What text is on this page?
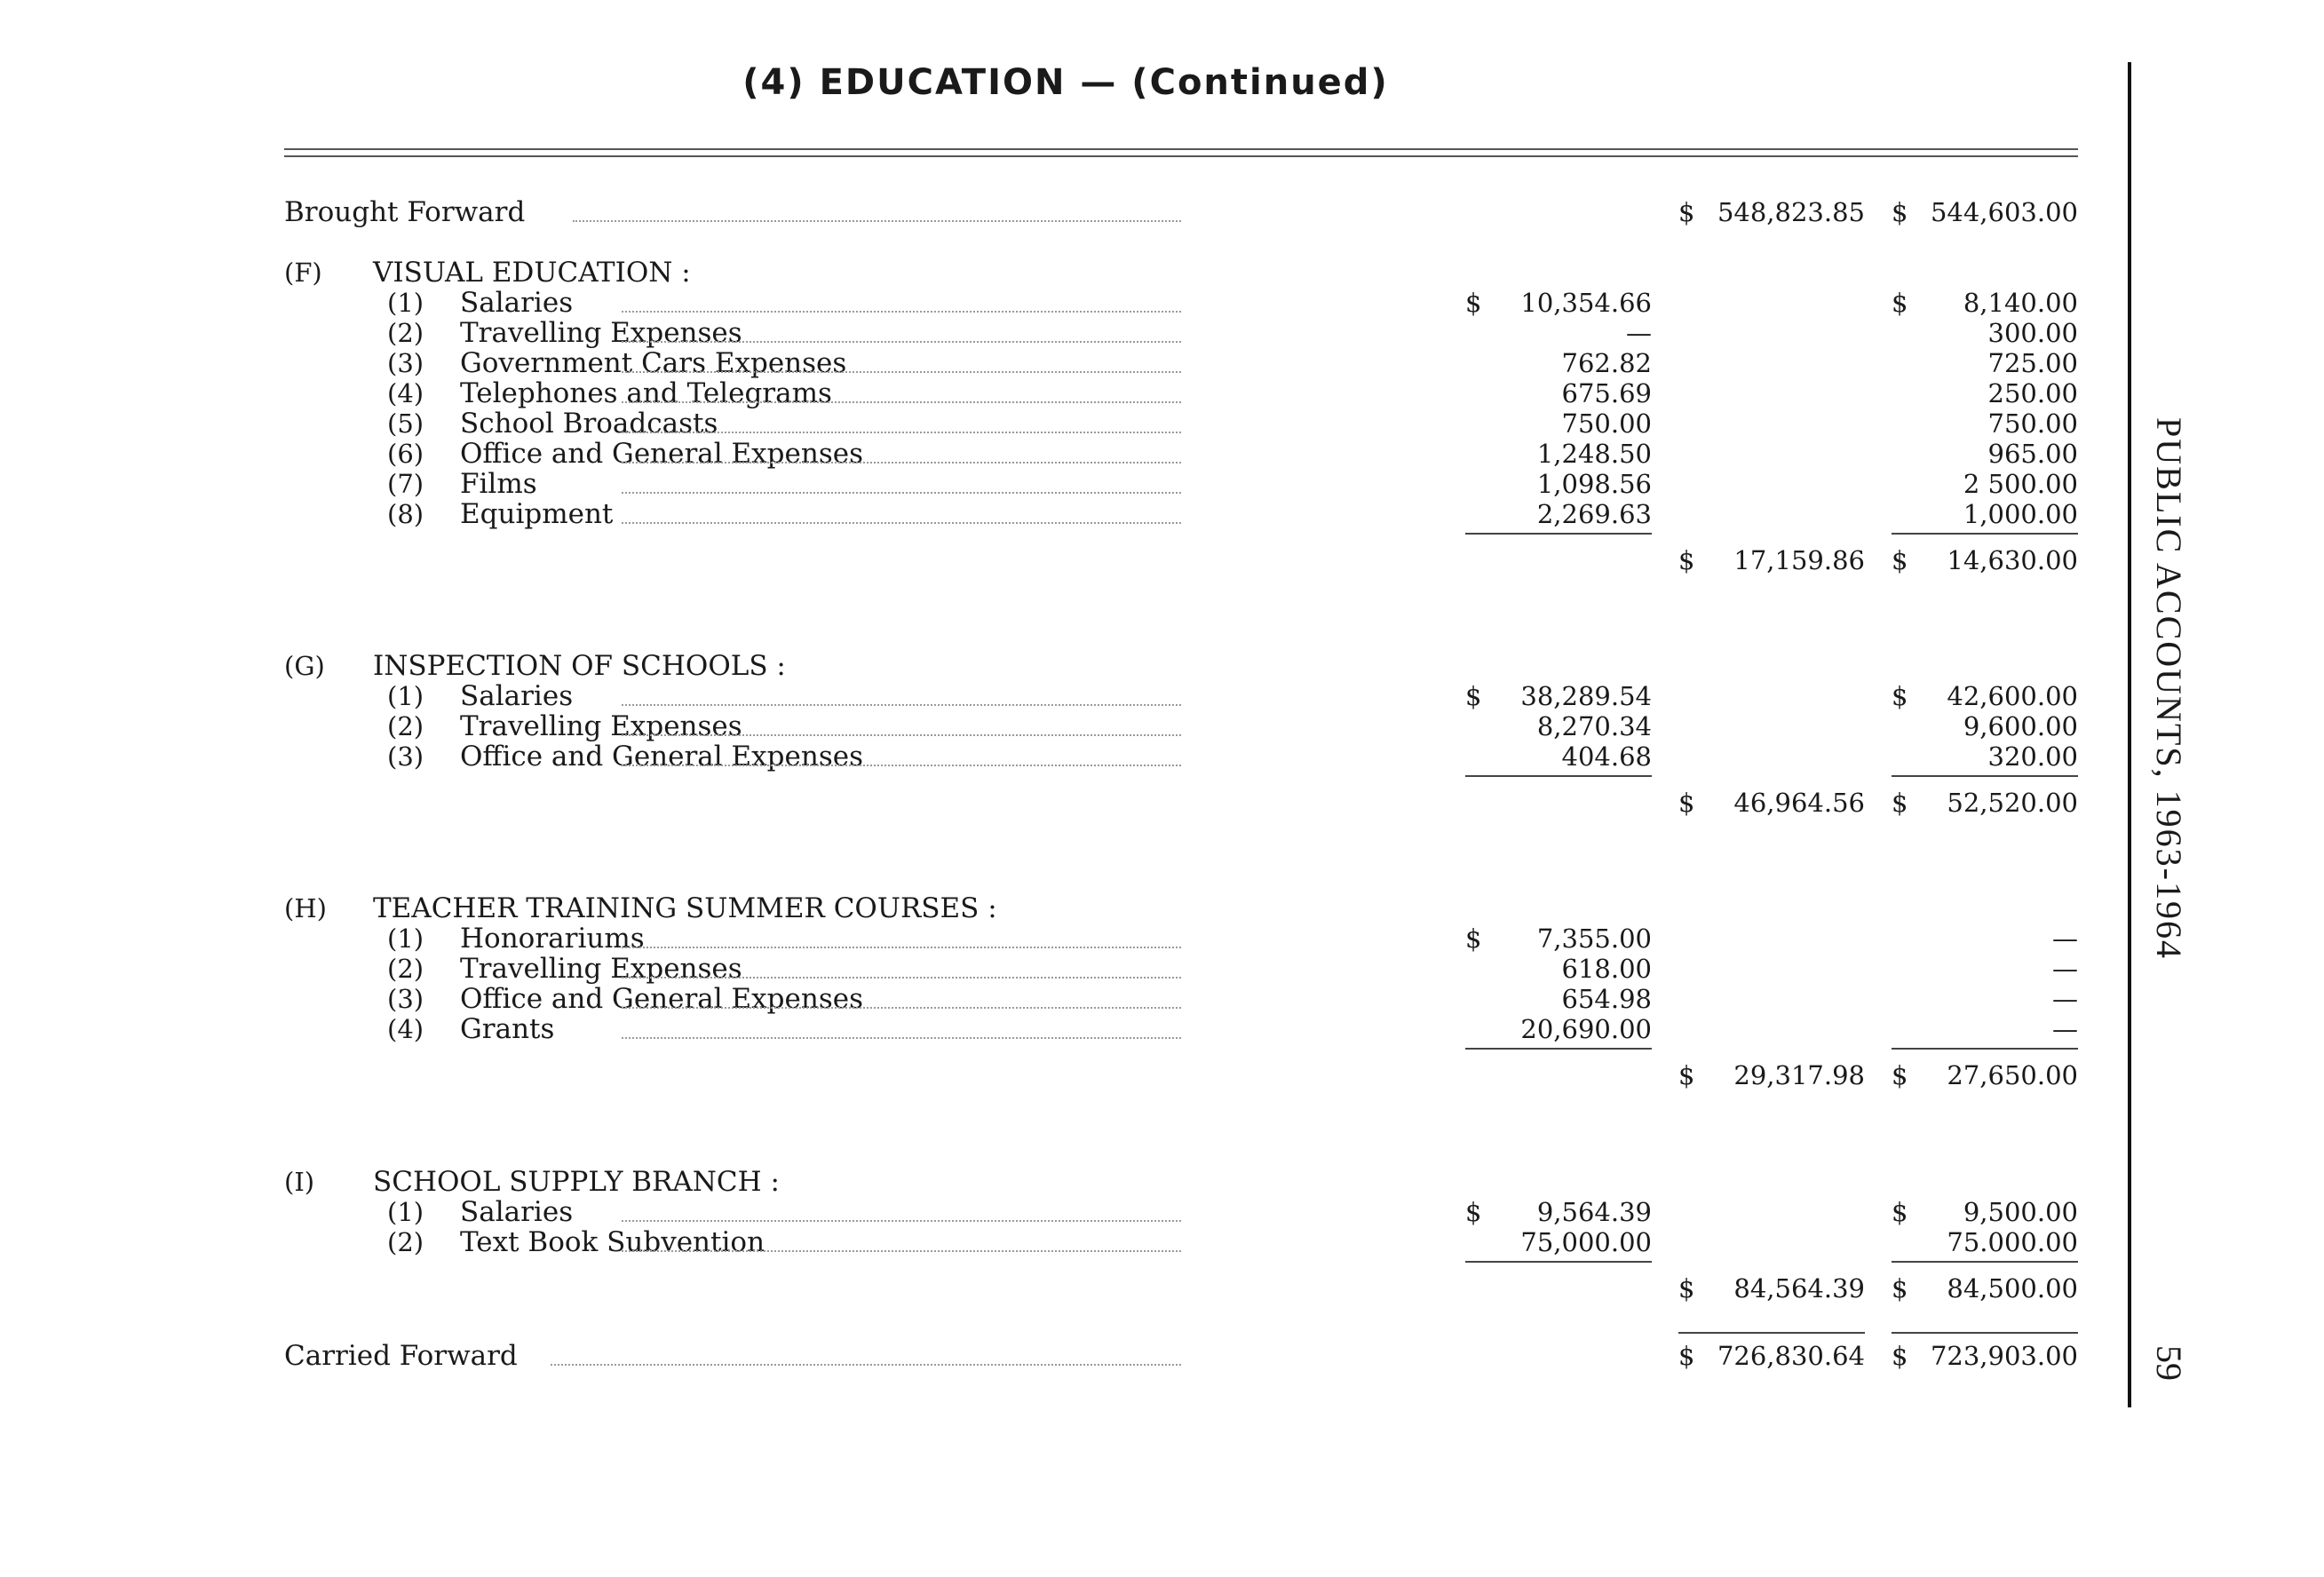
(4) EDUCATION — (Continued)
Brought Forward	$ 548,823.85 $ 544,603.00
(F) VISUAL EDUCATION :
(1) Salaries	$ 10,354.66	$ 8,140.00
(2) Travelling Expenses	—	300.00
(3) Government Cars Expenses	762.82	725.00
(4) Telephones and Telegrams	675.69	250.00
(5) School Broadcasts	750.00	750.00
(6) Office and General Expenses	1,248.50	965.00
(7) Films	1,098.56	2 500.00
(8) Equipment	2,269.63	1,000.00
$ 17,159.86 $ 14,630.00
(G) INSPECTION OF SCHOOLS :
(1) Salaries	$ 38,289.54	$ 42,600.00
(2) Travelling Expenses	8,270.34	9,600.00
(3) Office and General Expenses	404.68	320.00
$ 46,964.56 $ 52,520.00
(H) TEACHER TRAINING SUMMER COURSES :
(1) Honorariums	$ 7,355.00	—
(2) Travelling Expenses	618.00	—
(3) Office and General Expenses	654.98	—
(4) Grants	20,690.00	—
$ 29,317.98 $ 27,650.00
(I) SCHOOL SUPPLY BRANCH :
(1) Salaries	$ 9,564.39	$ 9,500.00
(2) Text Book Subvention	75,000.00	75.000.00
$ 84,564.39 $ 84,500.00
Carried Forward	$ 726,830.64 $ 723,903.00
PUBLIC ACCOUNTS, 1963-1964
59
